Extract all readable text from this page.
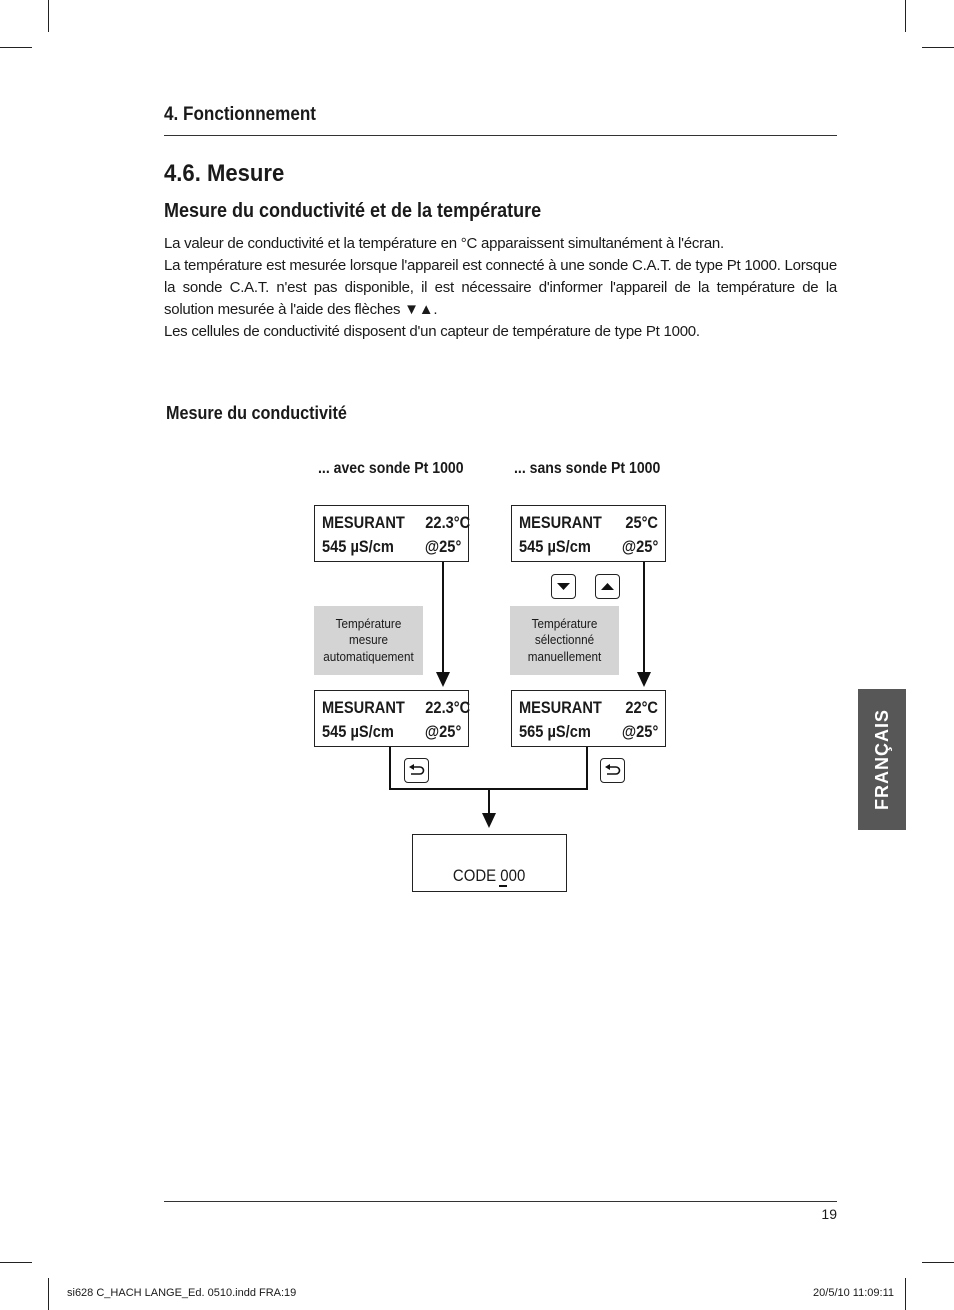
4. Fonctionnement
4.6. Mesure
Mesure du conductivité et de la température

La valeur de conductivité et la température en °C apparaissent simultanément à l'écran.

La température est mesurée lorsque l'appareil est connecté à une sonde C.A.T. de type Pt 1000. Lorsque la sonde C.A.T. n'est pas disponible, il est nécessaire d'informer l'appareil de la température de la solution mesurée à l'aide des flèches ▼▲.

Les cellules de conductivité disposent d'un capteur de température de type Pt 1000.

Mesure du conductivité
... avec sonde Pt 1000	... sans sonde Pt 1000
MESURANT 22.3°C
545 µS/cm @25°
Température mesure automatiquement
MESURANT 22.3°C
545 µS/cm @25°
MESURANT 25°C
545 µS/cm @25°
Température sélectionné manuellement
MESURANT 22°C
565 µS/cm @25°
CODE 000
FRANÇAIS
19
si628 C_HACH LANGE_Ed. 0510.indd FRA:19	20/5/10 11:09:11
